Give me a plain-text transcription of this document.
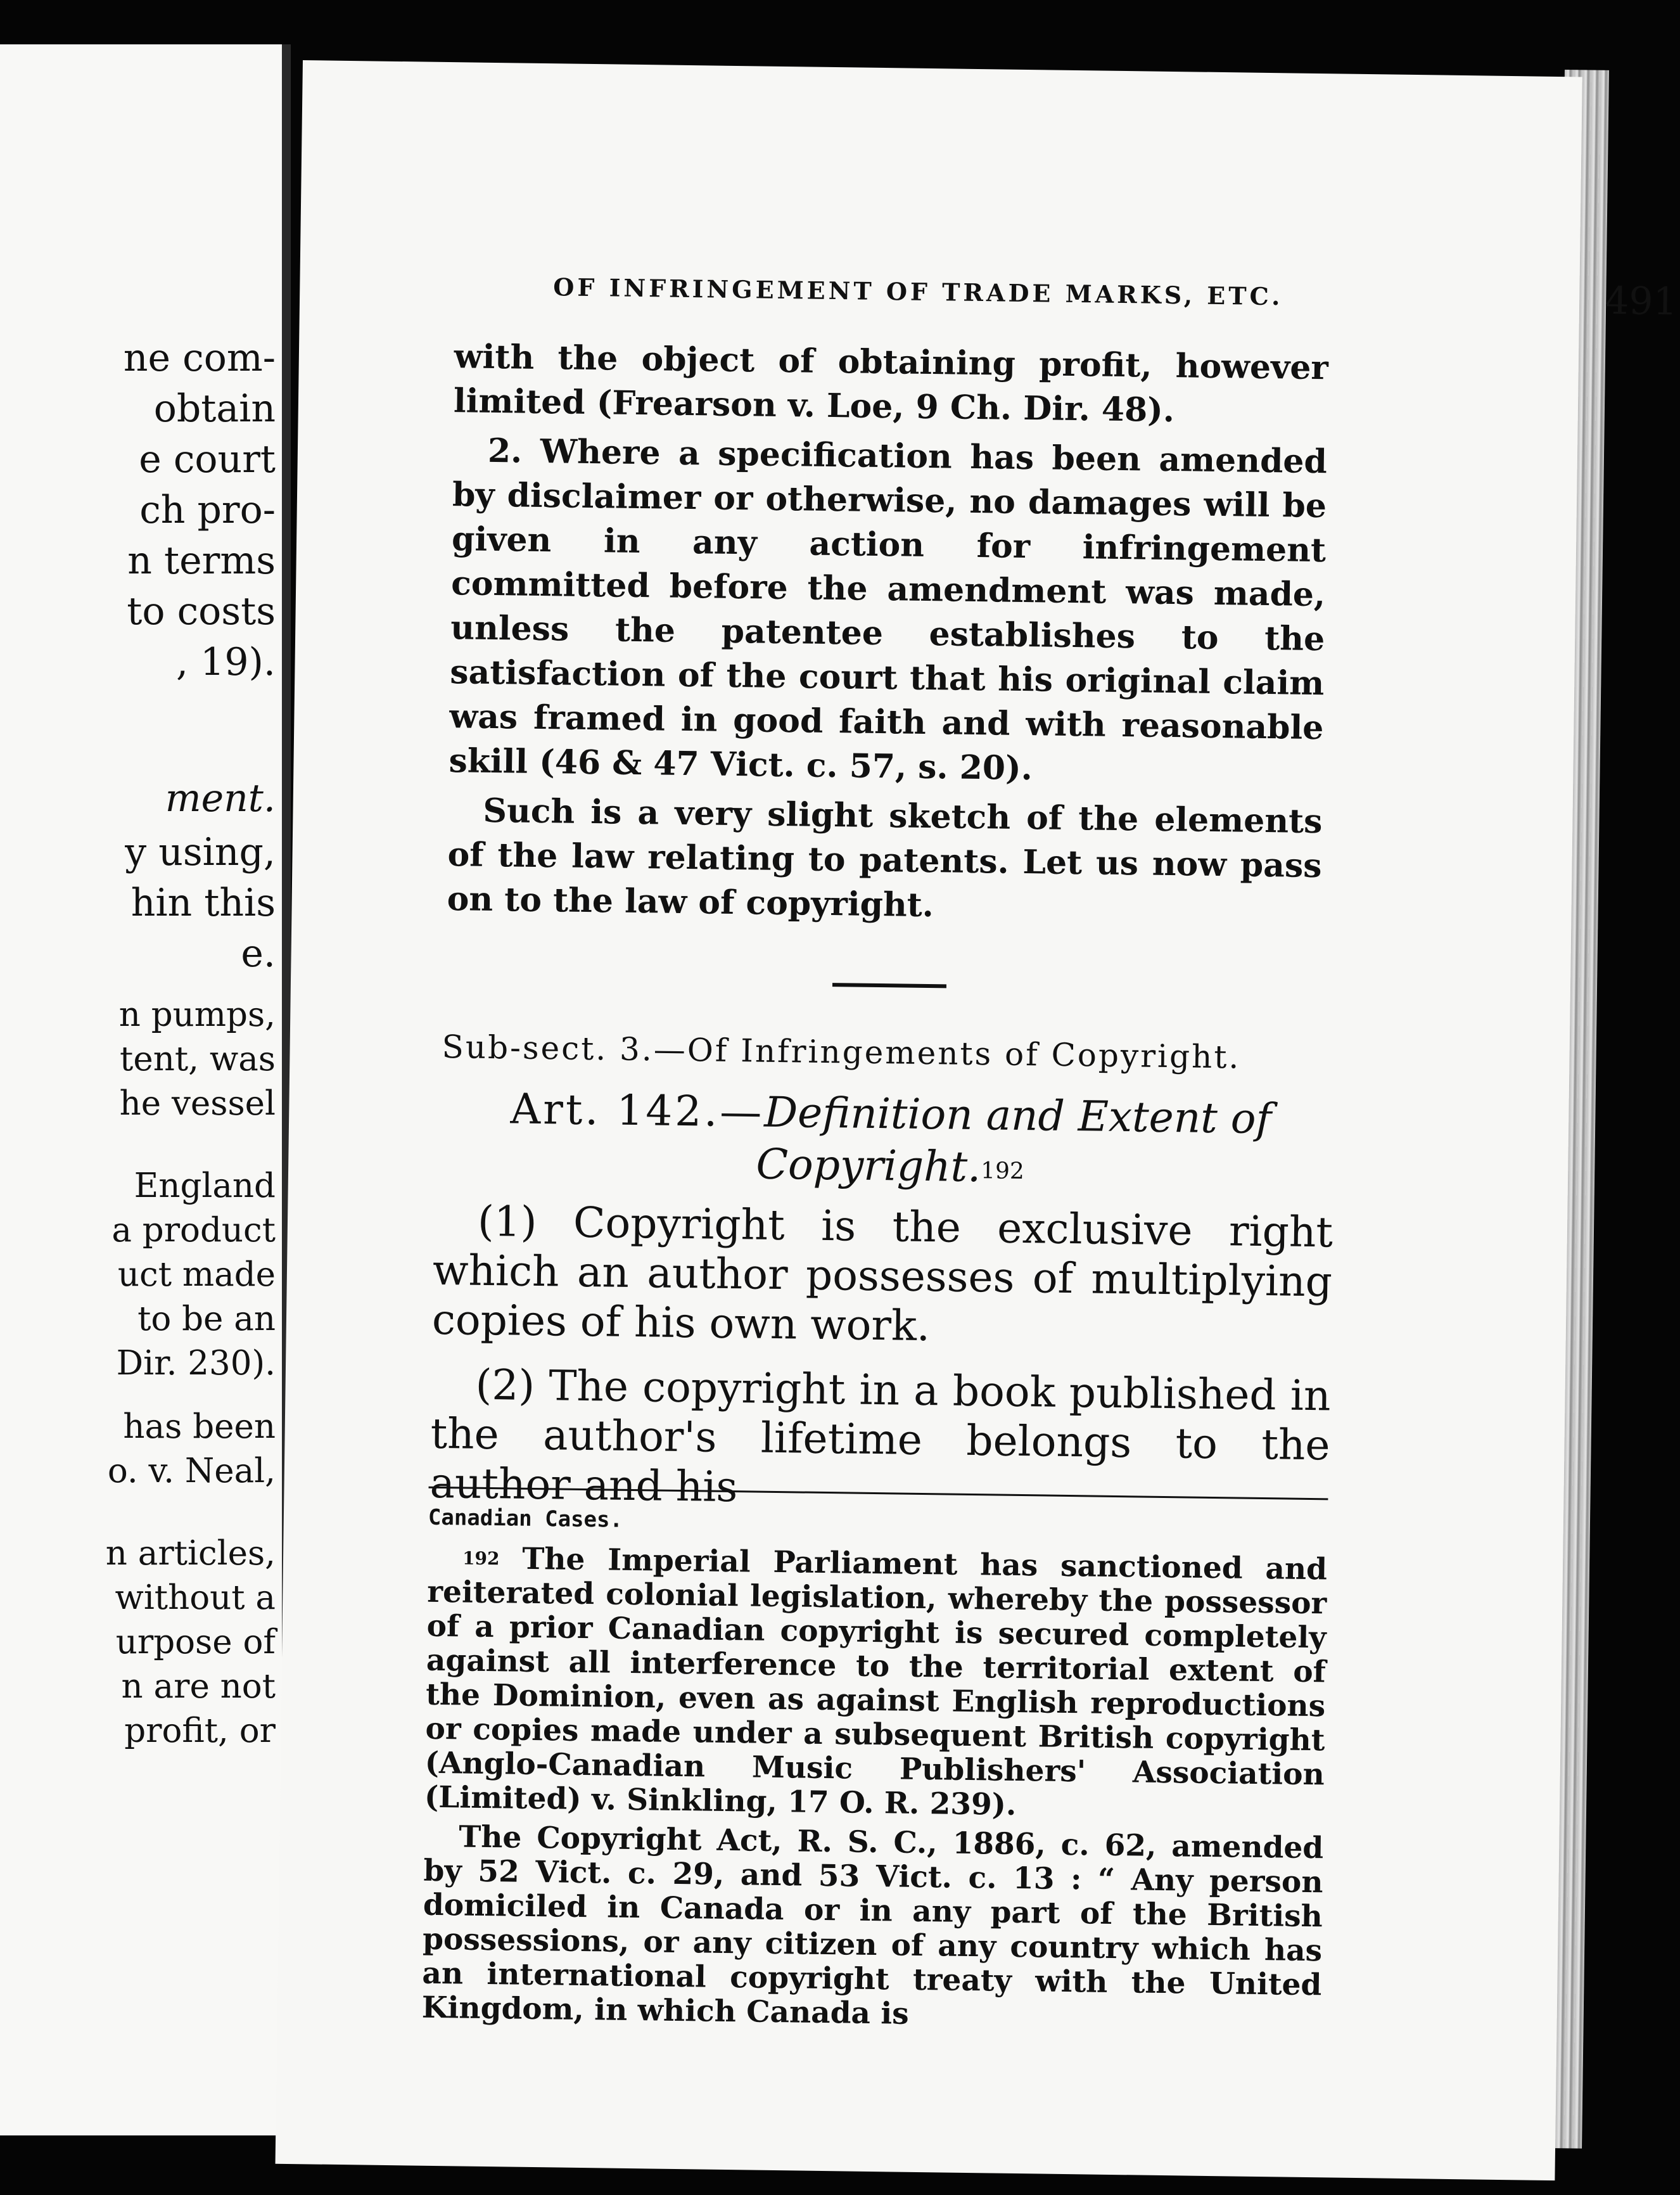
ne com-
obtain
e court
ch pro-
n terms
to costs
, 19).
ment.
y using,
hin this
e.
n pumps,
tent, was
he vessel
England
a product
uct made
to be an
Dir. 230).
has been
o. v. Neal,
n articles,
without a
urpose of
n are not
profit, or
OF INFRINGEMENT OF TRADE MARKS, ETC.	491

with the object of obtaining profit, however limited (Frearson v. Loe, 9 Ch. Dir. 48).

2. Where a specification has been amended by disclaimer or otherwise, no damages will be given in any action for infringement committed before the amendment was made, unless the patentee establishes to the satisfaction of the court that his original claim was framed in good faith and with reasonable skill (46 & 47 Vict. c. 57, s. 20).

Such is a very slight sketch of the elements of the law relating to patents. Let us now pass on to the law of copyright.

Sub-sect. 3.—Of Infringements of Copyright.
Art. 142.—Definition and Extent of Copyright.$^{192}$

(1) Copyright is the exclusive right which an author possesses of multiplying copies of his own work.

(2) The copyright in a book published in the author's lifetime belongs to the author and his

Canadian Cases.

$^{192}$ The Imperial Parliament has sanctioned and reiterated colonial legislation, whereby the possessor of a prior Canadian copyright is secured completely against all interference to the territorial extent of the Dominion, even as against English reproductions or copies made under a subsequent British copyright (Anglo-Canadian Music Publishers' Association (Limited) v. Sinkling, 17 O. R. 239).

The Copyright Act, R. S. C., 1886, c. 62, amended by 52 Vict. c. 29, and 53 Vict. c. 13 : “ Any person domiciled in Canada or in any part of the British possessions, or any citizen of any country which has an international copyright treaty with the United Kingdom, in which Canada is
